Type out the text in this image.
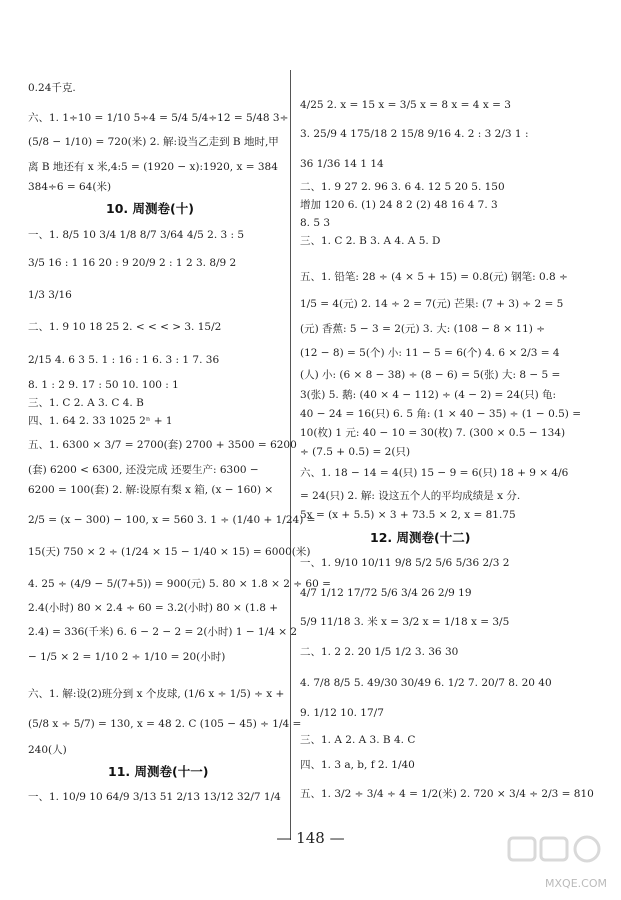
0.24千克.
六、1. 1÷10 = 1/10 5÷4 = 5/4 5/4÷12 = 5/48 3÷
(5/8 − 1/10) = 720(米) 2. 解:设当乙走到 B 地时,甲
离 B 地还有 x 米,4:5 = (1920 − x):1920, x = 384
384÷6 = 64(米)
10. 周测卷(十)
一、1. 8/5 10 3/4 1/8 8/7 3/64 4/5 2. 3 : 5
3/5 16 : 1 16 20 : 9 20/9 2 : 1 2 3. 8/9 2
1/3 3/16
二、1. 9 10 18 25 2. < < < > 3. 15/2
2/15 4. 6 3 5. 1 : 16 : 1 6. 3 : 1 7. 36
8. 1 : 2 9. 17 : 50 10. 100 : 1
三、1. C 2. A 3. C 4. B
四、1. 64 2. 33 1025 2ⁿ + 1
五、1. 6300 × 3/7 = 2700(套) 2700 + 3500 = 6200
(套) 6200 < 6300, 还没完成 还要生产: 6300 −
6200 = 100(套) 2. 解:设原有梨 x 箱, (x − 160) ×
2/5 = (x − 300) − 100, x = 560 3. 1 ÷ (1/40 + 1/24) =
15(天) 750 × 2 ÷ (1/24 × 15 − 1/40 × 15) = 6000(米)
4. 25 ÷ (4/9 − 5/(7+5)) = 900(元) 5. 80 × 1.8 × 2 ÷ 60 =
2.4(小时) 80 × 2.4 ÷ 60 = 3.2(小时) 80 × (1.8 +
2.4) = 336(千米) 6. 6 − 2 − 2 = 2(小时) 1 − 1/4 × 2
− 1/5 × 2 = 1/10 2 ÷ 1/10 = 20(小时)
六、1. 解:设(2)班分到 x 个皮球, (1/6 x ÷ 1/5) ÷ x +
(5/8 x ÷ 5/7) = 130, x = 48 2. C (105 − 45) ÷ 1/4 =
240(人)
11. 周测卷(十一)
一、1. 10/9 10 64/9 3/13 51 2/13 13/12 32/7 1/4
4/25 2. x = 15 x = 3/5 x = 8 x = 4 x = 3
3. 25/9 4 175/18 2 15/8 9/16 4. 2 : 3 2/3 1 :
36 1/36 14 1 14
二、1. 9 27 2. 96 3. 6 4. 12 5 20 5. 150
增加 120 6. (1) 24 8 2 (2) 48 16 4 7. 3
8. 5 3
三、1. C 2. B 3. A 4. A 5. D
五、1. 铅笔: 28 ÷ (4 × 5 + 15) = 0.8(元) 钢笔: 0.8 ÷
1/5 = 4(元) 2. 14 ÷ 2 = 7(元) 芒果: (7 + 3) ÷ 2 = 5
(元) 香蕉: 5 − 3 = 2(元) 3. 大: (108 − 8 × 11) ÷
(12 − 8) = 5(个) 小: 11 − 5 = 6(个) 4. 6 × 2/3 = 4
(人) 小: (6 × 8 − 38) ÷ (8 − 6) = 5(张) 大: 8 − 5 =
3(张) 5. 鹅: (40 × 4 − 112) ÷ (4 − 2) = 24(只) 龟:
40 − 24 = 16(只) 6. 5 角: (1 × 40 − 35) ÷ (1 − 0.5) =
10(枚) 1 元: 40 − 10 = 30(枚) 7. (300 × 0.5 − 134)
÷ (7.5 + 0.5) = 2(只)
六、1. 18 − 14 = 4(只) 15 − 9 = 6(只) 18 + 9 × 4/6
= 24(只) 2. 解: 设这五个人的平均成绩是 x 分.
5x = (x + 5.5) × 3 + 73.5 × 2, x = 81.75
12. 周测卷(十二)
一、1. 9/10 10/11 9/8 5/2 5/6 5/36 2/3 2
4/7 1/12 17/72 5/6 3/4 26 2/9 19
5/9 11/18 3. 米 x = 3/2 x = 1/18 x = 3/5
二、1. 2 2. 20 1/5 1/2 3. 36 30
4. 7/8 8/5 5. 49/30 30/49 6. 1/2 7. 20/7 8. 20 40
9. 1/12 10. 17/7
三、1. A 2. A 3. B 4. C
四、1. 3 a, b, f 2. 1/40
五、1. 3/2 ÷ 3/4 ÷ 4 = 1/2(米) 2. 720 × 3/4 ÷ 2/3 = 810
— 148 —
MXQE.COM
